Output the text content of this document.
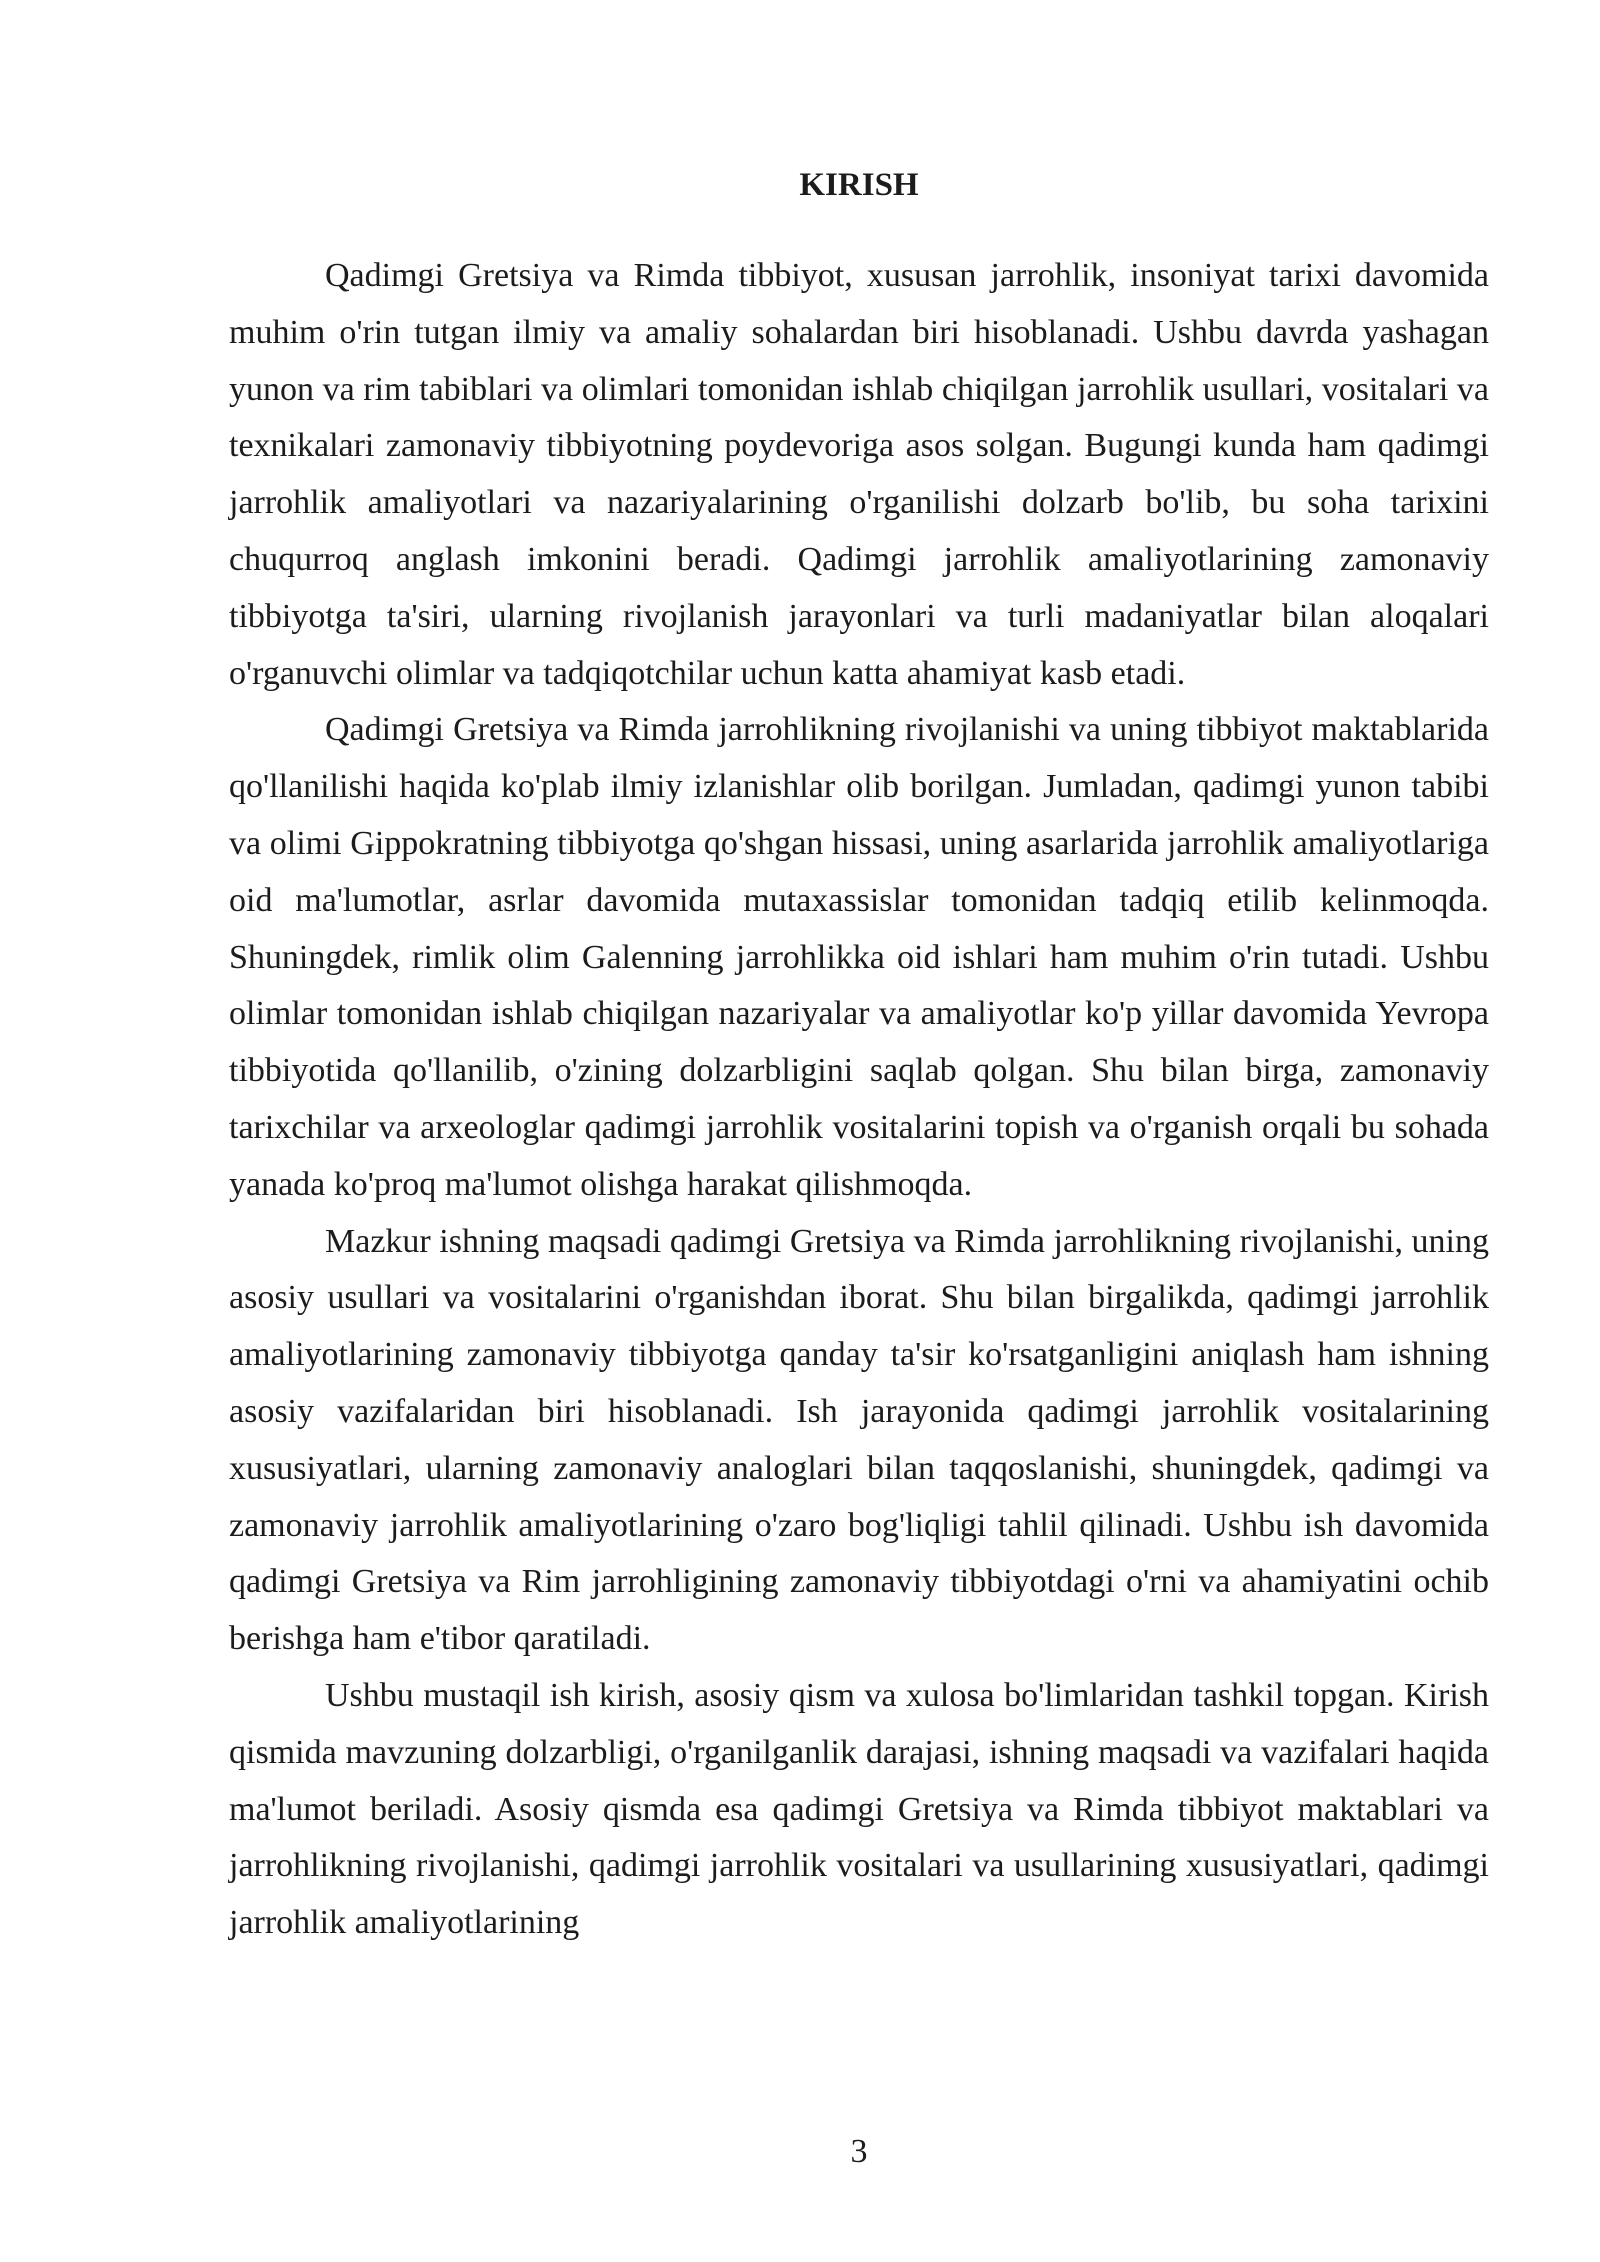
KIRISH

Qadimgi Gretsiya va Rimda tibbiyot, xususan jarrohlik, insoniyat tarixi davomida muhim o'rin tutgan ilmiy va amaliy sohalardan biri hisoblanadi. Ushbu davrda yashagan yunon va rim tabiblari va olimlari tomonidan ishlab chiqilgan jarrohlik usullari, vositalari va texnikalari zamonaviy tibbiyotning poydevoriga asos solgan. Bugungi kunda ham qadimgi jarrohlik amaliyotlari va nazariyalarining o'rganilishi dolzarb bo'lib, bu soha tarixini chuqurroq anglash imkonini beradi. Qadimgi jarrohlik amaliyotlarining zamonaviy tibbiyotga ta'siri, ularning rivojlanish jarayonlari va turli madaniyatlar bilan aloqalari o'rganuvchi olimlar va tadqiqotchilar uchun katta ahamiyat kasb etadi.

Qadimgi Gretsiya va Rimda jarrohlikning rivojlanishi va uning tibbiyot maktablarida qo'llanilishi haqida ko'plab ilmiy izlanishlar olib borilgan. Jumladan, qadimgi yunon tabibi va olimi Gippokratning tibbiyotga qo'shgan hissasi, uning asarlarida jarrohlik amaliyotlariga oid ma'lumotlar, asrlar davomida mutaxassislar tomonidan tadqiq etilib kelinmoqda. Shuningdek, rimlik olim Galenning jarrohlikka oid ishlari ham muhim o'rin tutadi. Ushbu olimlar tomonidan ishlab chiqilgan nazariyalar va amaliyotlar ko'p yillar davomida Yevropa tibbiyotida qo'llanilib, o'zining dolzarbligini saqlab qolgan. Shu bilan birga, zamonaviy tarixchilar va arxeologlar qadimgi jarrohlik vositalarini topish va o'rganish orqali bu sohada yanada ko'proq ma'lumot olishga harakat qilishmoqda.

Mazkur ishning maqsadi qadimgi Gretsiya va Rimda jarrohlikning rivojlanishi, uning asosiy usullari va vositalarini o'rganishdan iborat. Shu bilan birgalikda, qadimgi jarrohlik amaliyotlarining zamonaviy tibbiyotga qanday ta'sir ko'rsatganligini aniqlash ham ishning asosiy vazifalaridan biri hisoblanadi. Ish jarayonida qadimgi jarrohlik vositalarining xususiyatlari, ularning zamonaviy analoglari bilan taqqoslanishi, shuningdek, qadimgi va zamonaviy jarrohlik amaliyotlarining o'zaro bog'liqligi tahlil qilinadi. Ushbu ish davomida qadimgi Gretsiya va Rim jarrohligining zamonaviy tibbiyotdagi o'rni va ahamiyatini ochib berishga ham e'tibor qaratiladi.

Ushbu mustaqil ish kirish, asosiy qism va xulosa bo'limlaridan tashkil topgan. Kirish qismida mavzuning dolzarbligi, o'rganilganlik darajasi, ishning maqsadi va vazifalari haqida ma'lumot beriladi. Asosiy qismda esa qadimgi Gretsiya va Rimda tibbiyot maktablari va jarrohlikning rivojlanishi, qadimgi jarrohlik vositalari va usullarining xususiyatlari, qadimgi jarrohlik amaliyotlarining

3
